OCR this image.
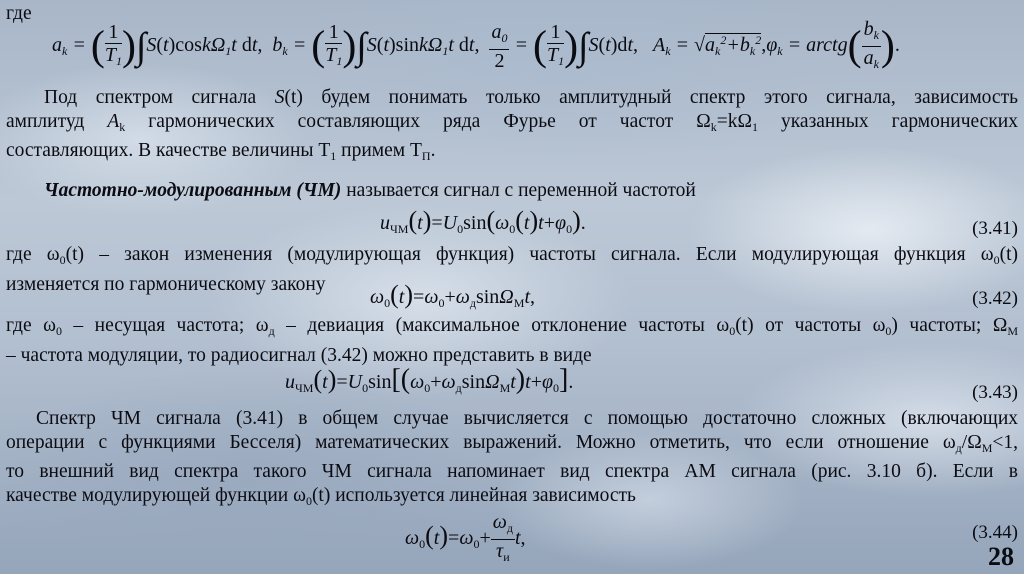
где
$a_k$ = ( $\frac{1}{T_1} )\int S(t)\cos k\Omega_1t$ dt,  $b_k$ = ( $\frac{1}{T_1} )\int S(t)\sin k\Omega_1t$ dt, $\frac{a_0}{2}$ = ( $\frac{1}{T_1} )\int S(t)dt$,   $A_k = √a_k^2+b_k^2,\varphi_k$ = arctg( $\frac{b_k}{a_k}$ ).
Под спектром сигнала S(t) будем понимать только амплитудный спектр этого сигнала, зависимость
амплитуд $A_k$ гармонических составляющих ряда Фурье от частот $\Omega_k=k\Omega_1$ указанных гармонических
составляющих. В качестве величины $T_1$ примем $T_П$.
Частотно-модулированным (ЧМ) называется сигнал с переменной частотой
$u_{ЧМ}(t)=U_0\sin(\omega_0(t)t+\varphi_0)$.	(3.41)
где $\omega_0(t)$ – закон изменения (модулирующая функция) частоты сигнала. Если модулирующая функция $\omega_0(t)$
изменяется по гармоническому закону
$\omega_0(t)=\omega_0+\omega_д\sin\Omega_Мt$,	(3.42)
где $\omega_0$ – несущая частота; $\omega_д$ – девиация (максимальное отклонение частоты $\omega_0(t)$ от частоты $\omega_0$) частоты; $\Omega_М$
– частота модуляции, то радиосигнал (3.42) можно представить в виде
$u_{ЧМ}(t)=U_0\sin[(\omega_0+\omega_д\sin\Omega_Мt)t+\varphi_0]$.	(3.43)
Спектр ЧМ сигнала (3.41) в общем случае вычисляется с помощью достаточно сложных (включающих
операции с функциями Бесселя) математических выражений. Можно отметить, что если отношение $\omega_д/\Omega_М<1$,
то внешний вид спектра такого ЧМ сигнала напоминает вид спектра АМ сигнала (рис. 3.10 б). Если в
качестве модулирующей функции $\omega_0(t)$ используется линейная зависимость
$\omega_0(t)=\omega_0+ \frac{\omega_д}{\tau_и} t$,	(3.44)
28
